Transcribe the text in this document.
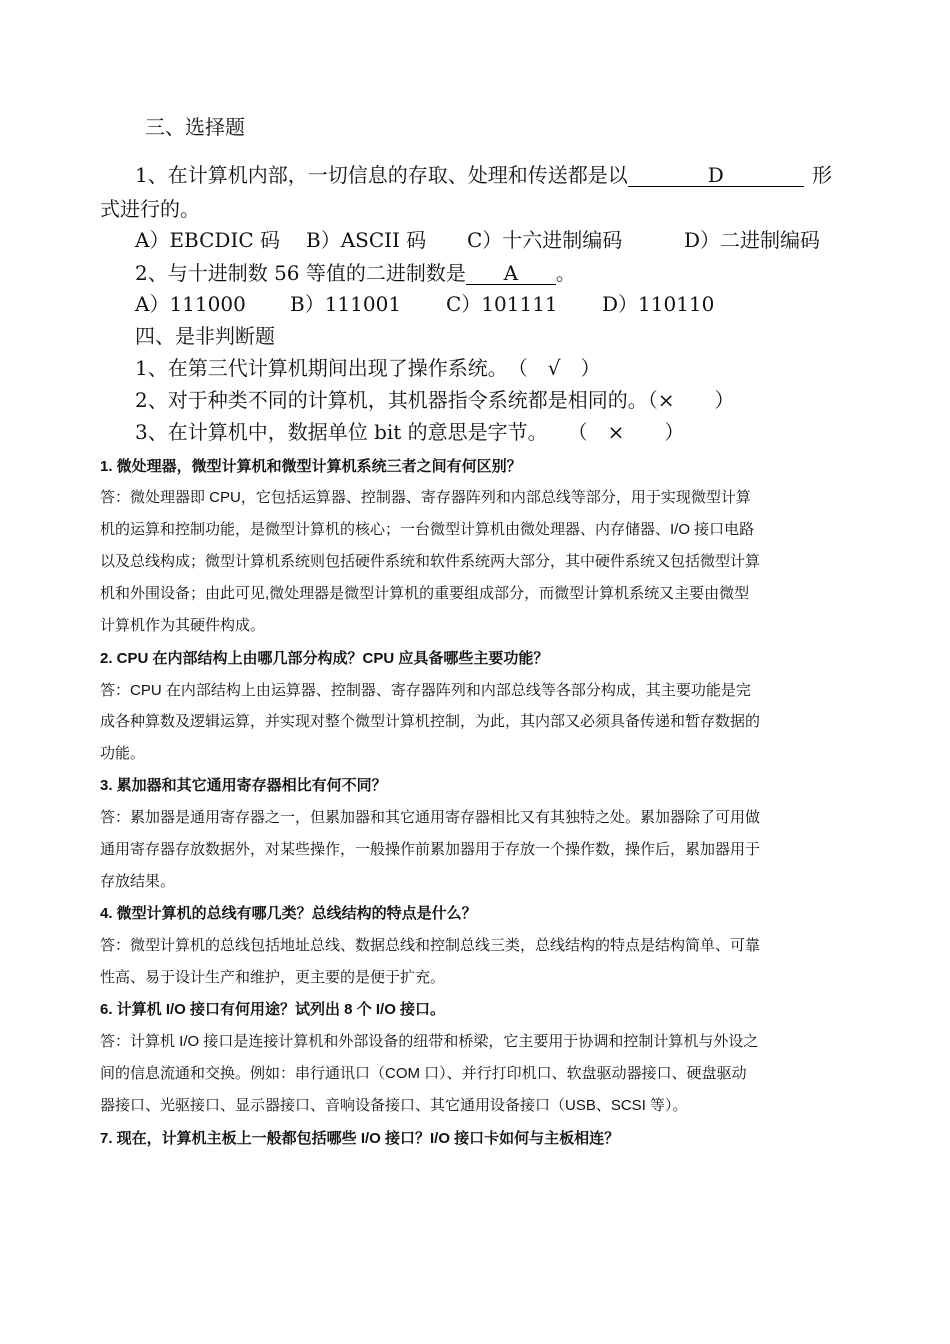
三、选择题
1、在计算机内部，一切信息的存取、处理和传送都是以	D	形
式进行的。
A）EBCDIC 码 B）ASCII 码 C）十六进制编码	D）二进制编码
2、与十进制数 56 等值的二进制数是 A 。
A）111000 B）111001 C）101111 D）110110
四、是非判断题
1、在第三代计算机期间出现了操作系统。　（　√　）
2、对于种类不同的计算机，其机器指令系统都是相同的。（×　　）
3、在计算机中，数据单位 bit 的意思是字节。　　（　×　　）
1. 微处理器，微型计算机和微型计算机系统三者之间有何区别？
答：微处理器即 CPU，它包括运算器、控制器、寄存器阵列和内部总线等部分，用于实现微型计算
机的运算和控制功能，是微型计算机的核心；一台微型计算机由微处理器、内存储器、I/O 接口电路
以及总线构成；微型计算机系统则包括硬件系统和软件系统两大部分，其中硬件系统又包括微型计算
机和外围设备；由此可见,微处理器是微型计算机的重要组成部分，而微型计算机系统又主要由微型
计算机作为其硬件构成。
2. CPU 在内部结构上由哪几部分构成？CPU 应具备哪些主要功能？
答：CPU 在内部结构上由运算器、控制器、寄存器阵列和内部总线等各部分构成，其主要功能是完
成各种算数及逻辑运算，并实现对整个微型计算机控制，为此，其内部又必须具备传递和暂存数据的
功能。
3. 累加器和其它通用寄存器相比有何不同？
答：累加器是通用寄存器之一，但累加器和其它通用寄存器相比又有其独特之处。累加器除了可用做
通用寄存器存放数据外，对某些操作，一般操作前累加器用于存放一个操作数，操作后，累加器用于
存放结果。
4. 微型计算机的总线有哪几类？总线结构的特点是什么？
答：微型计算机的总线包括地址总线、数据总线和控制总线三类，总线结构的特点是结构简单、可靠
性高、易于设计生产和维护，更主要的是便于扩充。
6. 计算机 I/O 接口有何用途？试列出 8 个 I/O 接口。
答：计算机 I/O 接口是连接计算机和外部设备的纽带和桥梁，它主要用于协调和控制计算机与外设之
间的信息流通和交换。例如：串行通讯口（COM 口）、并行打印机口、软盘驱动器接口、硬盘驱动
器接口、光驱接口、显示器接口、音响设备接口、其它通用设备接口（USB、SCSI 等）。
7. 现在，计算机主板上一般都包括哪些 I/O 接口？I/O 接口卡如何与主板相连？
